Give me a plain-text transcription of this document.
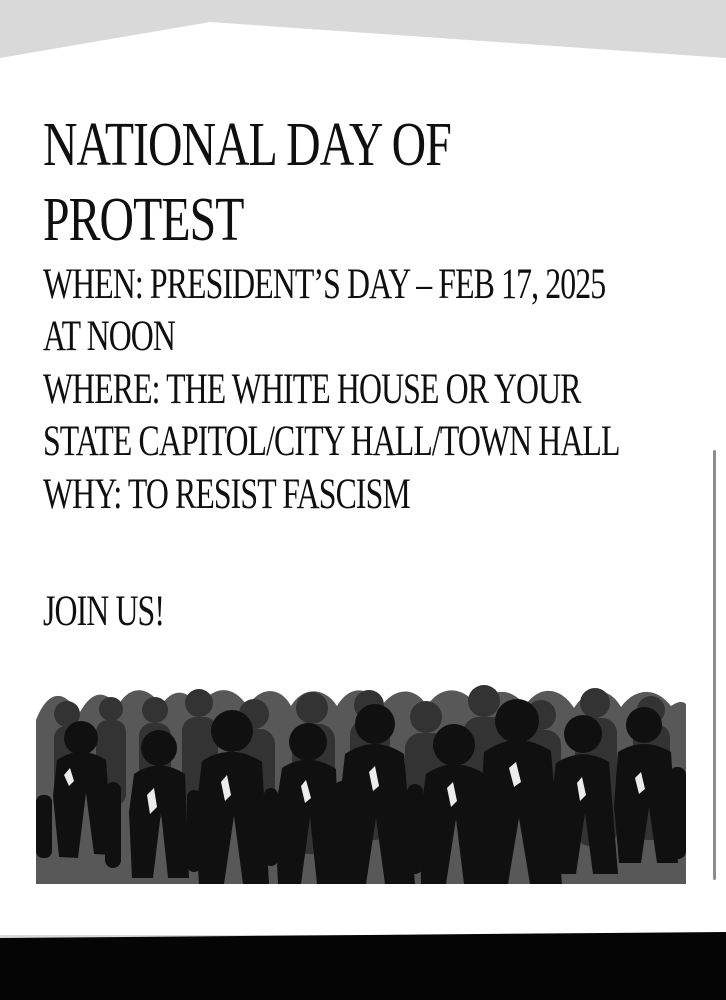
NATIONAL DAY OF
PROTEST
WHEN: PRESIDENT’S DAY – FEB 17, 2025
AT NOON
WHERE: THE WHITE HOUSE OR YOUR
STATE CAPITOL/CITY HALL/TOWN HALL
WHY: TO RESIST FASCISM
JOIN US!
